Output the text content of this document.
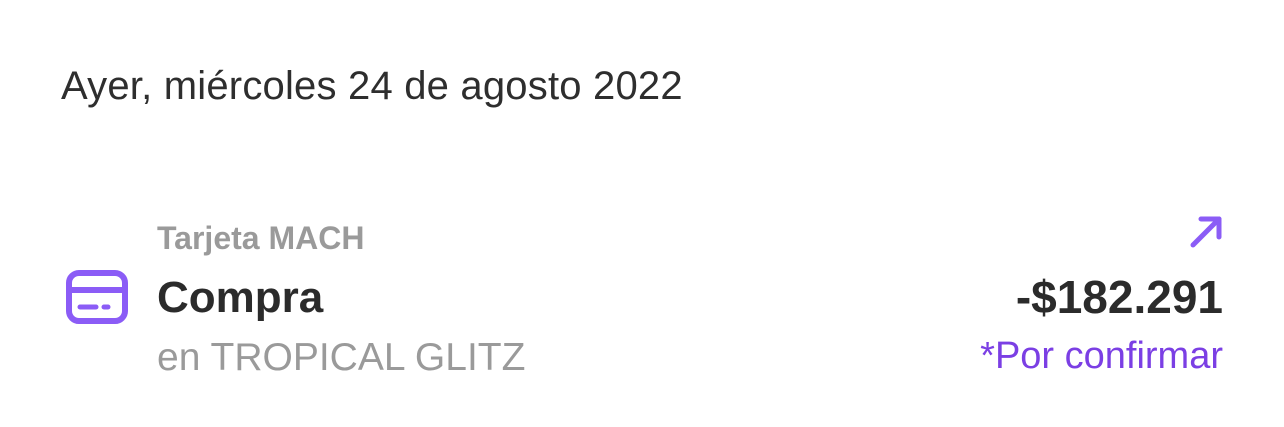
Ayer, miércoles 24 de agosto 2022
Tarjeta MACH
Compra
en TROPICAL GLITZ
-$182.291
*Por confirmar
